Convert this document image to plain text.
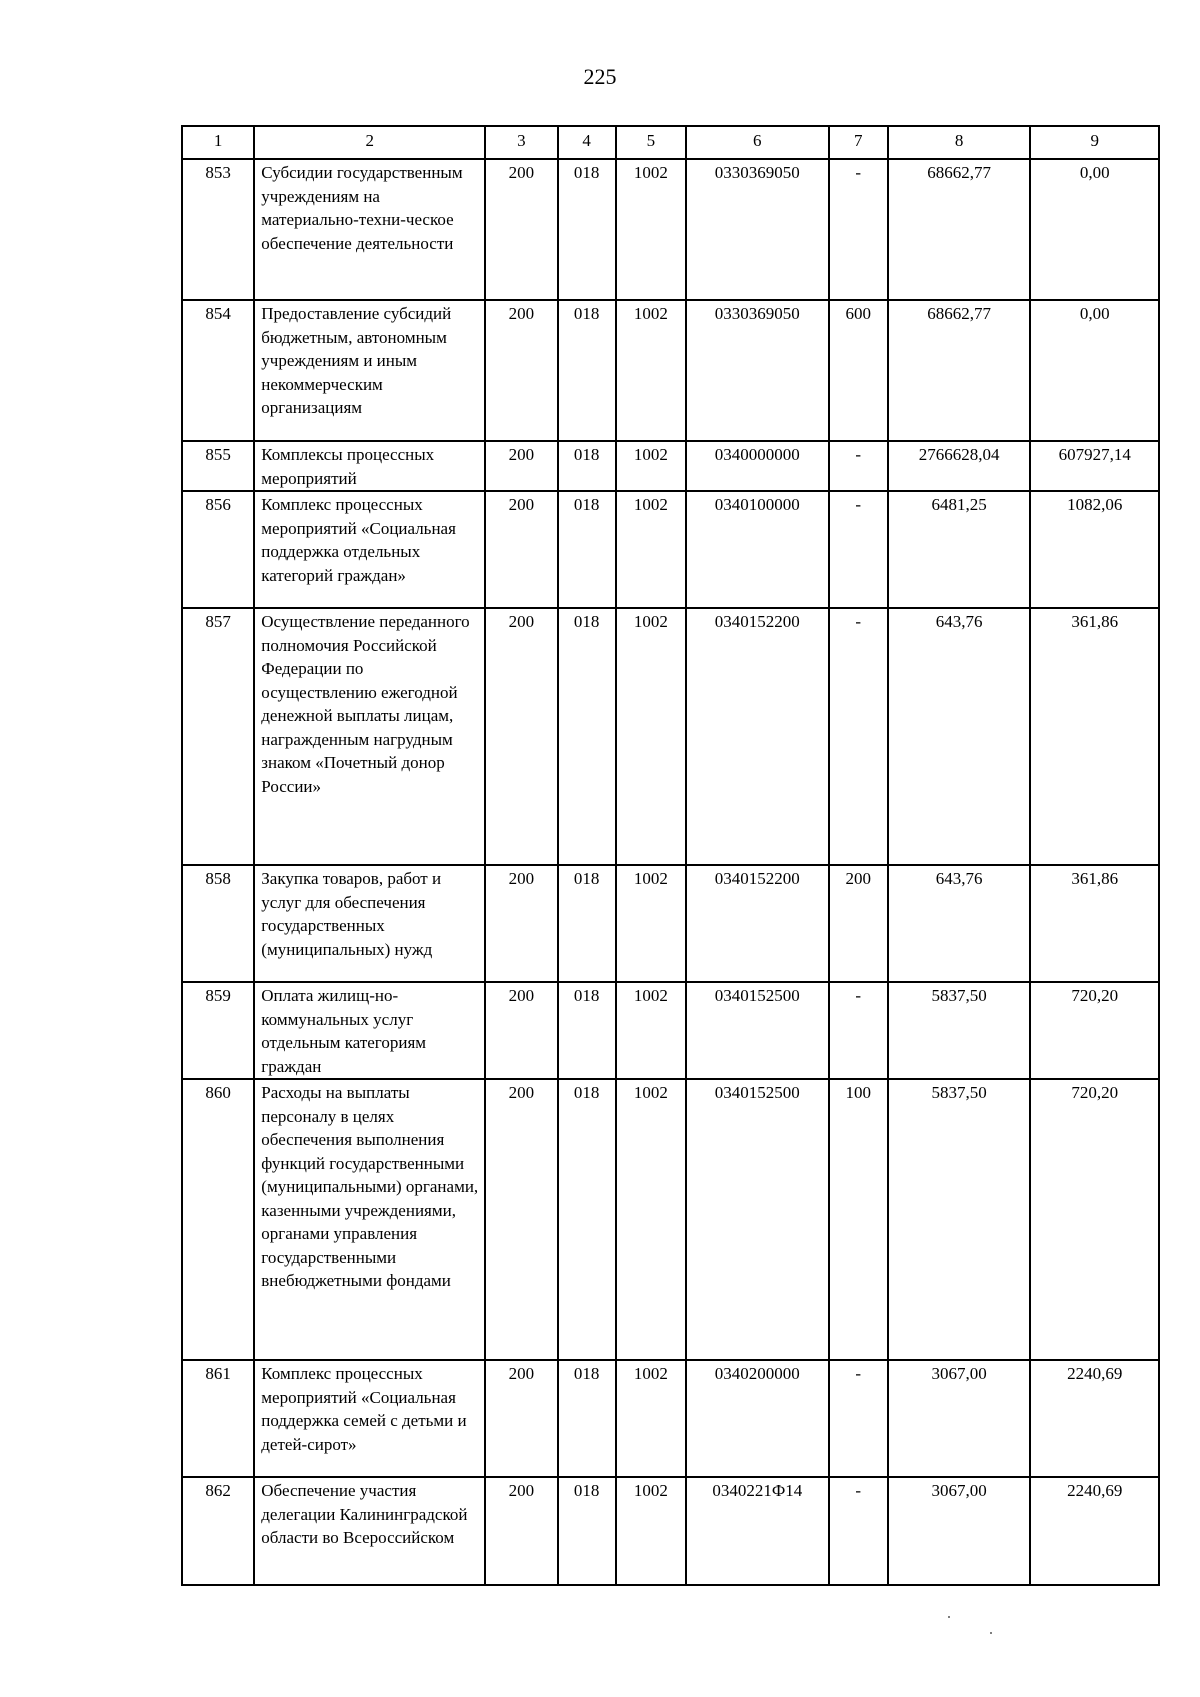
225
1	2	3	4	5	6	7	8	9
853	Субсидии государственным учреждениям на материально-техни-ческое обеспечение деятельности	200	018	1002	0330369050	-	68662,77	0,00
854	Предоставление субсидий бюджетным, автономным учреждениям и иным некоммерческим организациям	200	018	1002	0330369050	600	68662,77	0,00
855	Комплексы процессных мероприятий	200	018	1002	0340000000	-	2766628,04	607927,14
856	Комплекс процессных мероприятий «Социальная поддержка отдельных категорий граждан»	200	018	1002	0340100000	-	6481,25	1082,06
857	Осуществление переданного полномочия Российской Федерации по осуществлению ежегодной денежной выплаты лицам, награжденным нагрудным знаком «Почетный донор России»	200	018	1002	0340152200	-	643,76	361,86
858	Закупка товаров, работ и услуг для обеспечения государственных (муниципальных) нужд	200	018	1002	0340152200	200	643,76	361,86
859	Оплата жилищ-но-коммунальных услуг отдельным категориям граждан	200	018	1002	0340152500	-	5837,50	720,20
860	Расходы на выплаты персоналу в целях обеспечения выполнения функций государственными (муниципальными) органами, казенными учреждениями, органами управления государственными внебюджетными фондами	200	018	1002	0340152500	100	5837,50	720,20
861	Комплекс процессных мероприятий «Социальная поддержка семей с детьми и детей-сирот»	200	018	1002	0340200000	-	3067,00	2240,69
862	Обеспечение участия делегации Калининградской области во Всероссийском	200	018	1002	0340221Ф14	-	3067,00	2240,69
